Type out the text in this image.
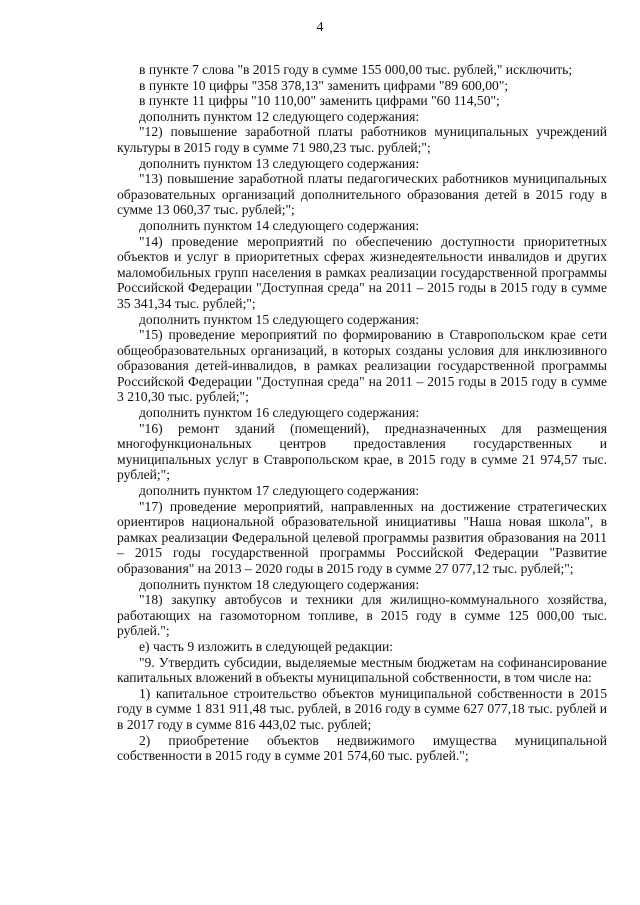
4

в пункте 7 слова "в 2015 году в сумме 155 000,00 тыс. рублей," исключить;

в пункте 10 цифры "358 378,13" заменить цифрами "89 600,00";

в пункте 11 цифры "10 110,00" заменить цифрами "60 114,50";

дополнить пунктом 12 следующего содержания:

"12) повышение заработной платы работников муниципальных учреждений культуры в 2015 году в сумме 71 980,23 тыс. рублей;";

дополнить пунктом 13 следующего содержания:

"13) повышение заработной платы педагогических работников муниципальных образовательных организаций дополнительного образования детей в 2015 году в сумме 13 060,37 тыс. рублей;";

дополнить пунктом 14 следующего содержания:

"14) проведение мероприятий по обеспечению доступности приоритетных объектов и услуг в приоритетных сферах жизнедеятельности инвалидов и других маломобильных групп населения в рамках реализации государственной программы Российской Федерации "Доступная среда" на 2011 – 2015 годы в 2015 году в сумме 35 341,34 тыс. рублей;";

дополнить пунктом 15 следующего содержания:

"15) проведение мероприятий по формированию в Ставропольском крае сети общеобразовательных организаций, в которых созданы условия для инклюзивного образования детей-инвалидов, в рамках реализации государственной программы Российской Федерации "Доступная среда" на 2011 – 2015 годы в 2015 году в сумме 3 210,30 тыс. рублей;";

дополнить пунктом 16 следующего содержания:

"16) ремонт зданий (помещений), предназначенных для размещения многофункциональных центров предоставления государственных и муниципальных услуг в Ставропольском крае, в 2015 году в сумме 21 974,57 тыс. рублей;";

дополнить пунктом 17 следующего содержания:

"17) проведение мероприятий, направленных на достижение стратегических ориентиров национальной образовательной инициативы "Наша новая школа", в рамках реализации Федеральной целевой программы развития образования на 2011 – 2015 годы государственной программы Российской Федерации "Развитие образования" на 2013 – 2020 годы в 2015 году в сумме 27 077,12 тыс. рублей;";

дополнить пунктом 18 следующего содержания:

"18) закупку автобусов и техники для жилищно-коммунального хозяйства, работающих на газомоторном топливе, в 2015 году в сумме 125 000,00 тыс. рублей.";

е) часть 9 изложить в следующей редакции:

"9. Утвердить субсидии, выделяемые местным бюджетам на софинансирование капитальных вложений в объекты муниципальной собственности, в том числе на:

1) капитальное строительство объектов муниципальной собственности в 2015 году в сумме 1 831 911,48 тыс. рублей, в 2016 году в сумме 627 077,18 тыс. рублей и в 2017 году в сумме 816 443,02 тыс. рублей;

2) приобретение объектов недвижимого имущества муниципальной собственности в 2015 году в сумме 201 574,60 тыс. рублей.";
